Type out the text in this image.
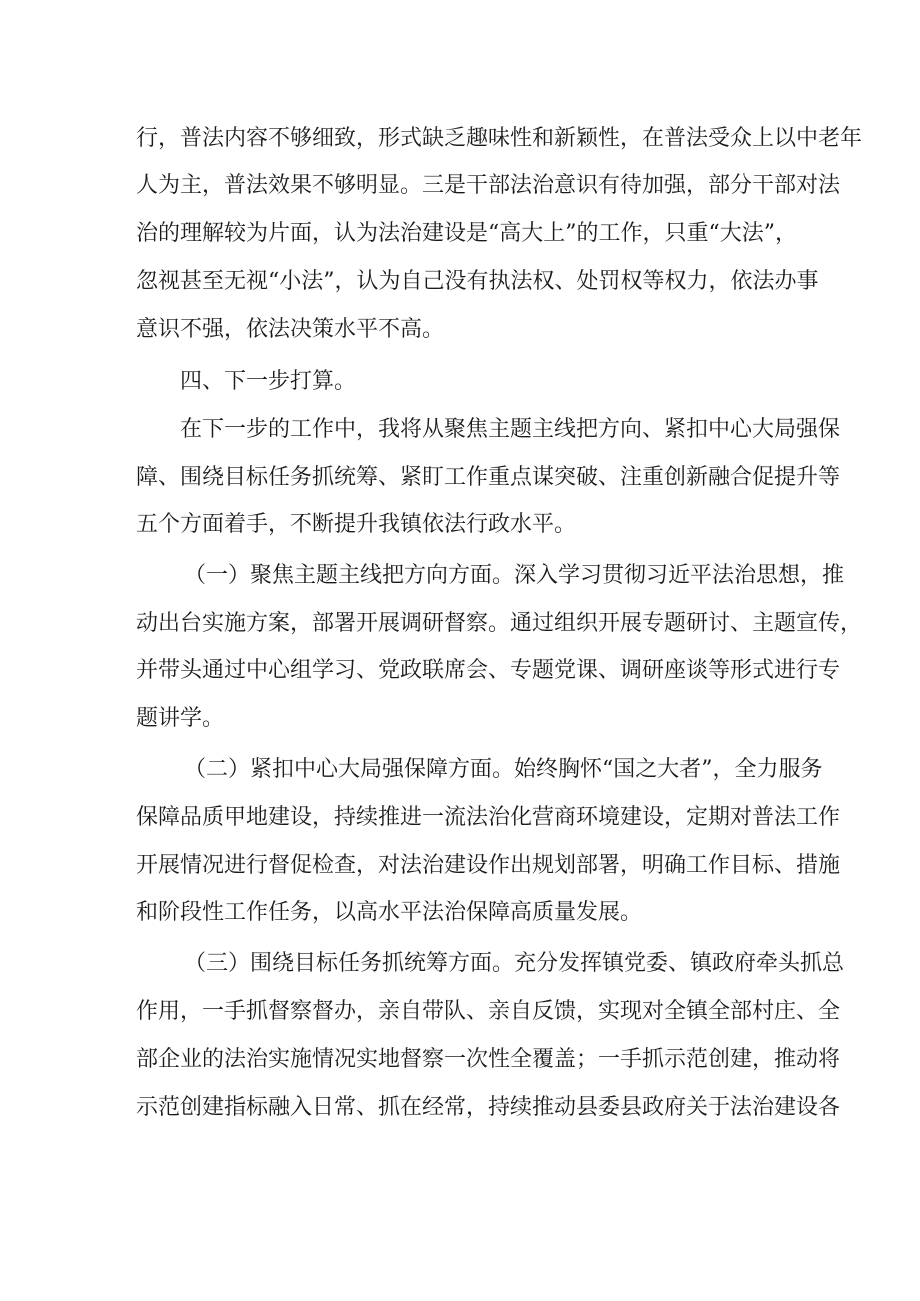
行，普法内容不够细致，形式缺乏趣味性和新颖性，在普法受众上以中老年
人为主，普法效果不够明显。三是干部法治意识有待加强，部分干部对法
治的理解较为片面，认为法治建设是“高大上”的工作，只重“大法”，
忽视甚至无视“小法”，认为自己没有执法权、处罚权等权力，依法办事
意识不强，依法决策水平不高。
四、下一步打算。
在下一步的工作中，我将从聚焦主题主线把方向、紧扣中心大局强保
障、围绕目标任务抓统筹、紧盯工作重点谋突破、注重创新融合促提升等
五个方面着手，不断提升我镇依法行政水平。
（一）聚焦主题主线把方向方面。深入学习贯彻习近平法治思想，推
动出台实施方案，部署开展调研督察。通过组织开展专题研讨、主题宣传，
并带头通过中心组学习、党政联席会、专题党课、调研座谈等形式进行专
题讲学。
（二）紧扣中心大局强保障方面。始终胸怀“国之大者”，全力服务
保障品质甲地建设，持续推进一流法治化营商环境建设，定期对普法工作
开展情况进行督促检查，对法治建设作出规划部署，明确工作目标、措施
和阶段性工作任务，以高水平法治保障高质量发展。
（三）围绕目标任务抓统筹方面。充分发挥镇党委、镇政府牵头抓总
作用，一手抓督察督办，亲自带队、亲自反馈，实现对全镇全部村庄、全
部企业的法治实施情况实地督察一次性全覆盖；一手抓示范创建，推动将
示范创建指标融入日常、抓在经常，持续推动县委县政府关于法治建设各
